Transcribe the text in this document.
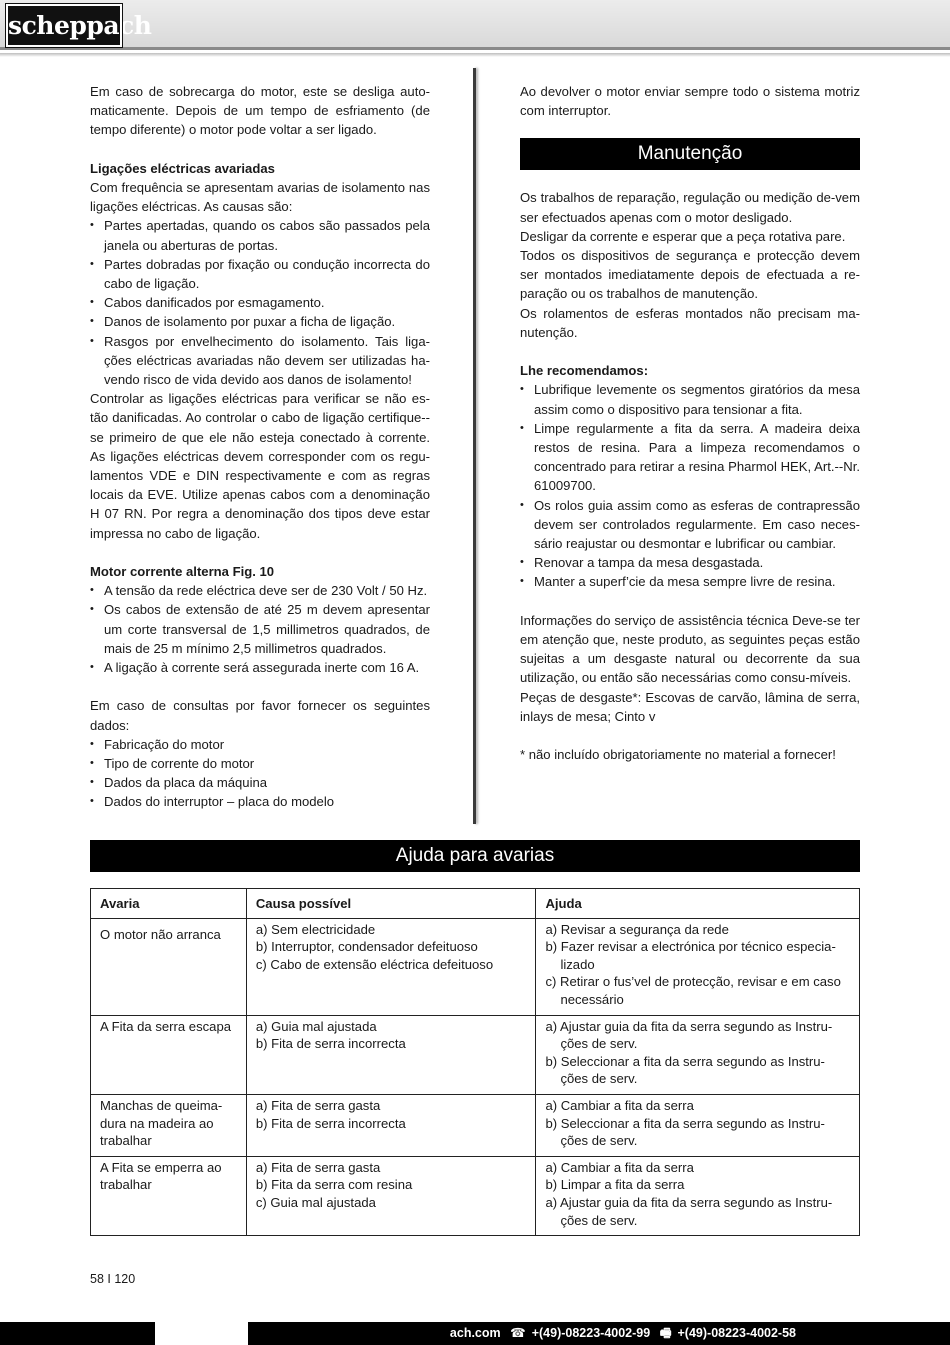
scheppach

Em caso de sobrecarga do motor, este se desliga auto-maticamente. Depois de um tempo de esfriamento (de tempo diferente) o motor pode voltar a ser ligado.

Ligações eléctricas avariadas

Com frequência se apresentam avarias de isolamento nas ligações eléctricas. As causas são:

• Partes apertadas, quando os cabos são passados pela janela ou aberturas de portas.
• Partes dobradas por fixação ou condução incorrecta do cabo de ligação.
• Cabos danificados por esmagamento.
• Danos de isolamento por puxar a ficha de ligação.
• Rasgos por envelhecimento do isolamento. Tais liga-ções eléctricas avariadas não devem ser utilizadas ha-vendo risco de vida devido aos danos de isolamento!

Controlar as ligações eléctricas para verificar se não es-tão danificadas. Ao controlar o cabo de ligação certifique--se primeiro de que ele não esteja conectado à corrente. As ligações eléctricas devem corresponder com os regu-lamentos VDE e DIN respectivamente e com as regras locais da EVE. Utilize apenas cabos com a denominação H 07 RN. Por regra a denominação dos tipos deve estar impressa no cabo de ligação.

Motor corrente alterna Fig. 10

• A tensão da rede eléctrica deve ser de 230 Volt / 50 Hz.
• Os cabos de extensão de até 25 m devem apresentar um corte transversal de 1,5 millimetros quadrados, de mais de 25 m mínimo 2,5 millimetros quadrados.
• A ligação à corrente será assegurada inerte com 16 A.

Em caso de consultas por favor fornecer os seguintes dados:

• Fabricação do motor
• Tipo de corrente do motor
• Dados da placa da máquina
• Dados do interruptor – placa do modelo

Ao devolver o motor enviar sempre todo o sistema motriz com interruptor.

Manutenção

Os trabalhos de reparação, regulação ou medição de-vem ser efectuados apenas com o motor desligado.

Desligar da corrente e esperar que a peça rotativa pare.

Todos os dispositivos de segurança e protecção devem ser montados imediatamente depois de efectuada a re-paração ou os trabalhos de manutenção.

Os rolamentos de esferas montados não precisam ma-nutenção.

Lhe recomendamos:

• Lubrifique levemente os segmentos giratórios da mesa assim como o dispositivo para tensionar a fita.
• Limpe regularmente a fita da serra. A madeira deixa restos de resina. Para a limpeza recomendamos o concentrado para retirar a resina Pharmol HEK, Art.--Nr. 61009700.
• Os rolos guia assim como as esferas de contrapressão devem ser controlados regularmente. Em caso neces-sário reajustar ou desmontar e lubrificar ou cambiar.
• Renovar a tampa da mesa desgastada.
• Manter a superf’cie da mesa sempre livre de resina.

Informações do serviço de assistência técnica Deve-se ter em atenção que, neste produto, as seguintes peças estão sujeitas a um desgaste natural ou decorrente da sua utilização, ou então são necessárias como consu-míveis.

Peças de desgaste*: Escovas de carvão, lâmina de serra, inlays de mesa; Cinto v

* não incluído obrigatoriamente no material a fornecer!

Ajuda para avarias
Avaria	Causa possível	Ajuda
O motor não arranca	a) Sem electricidade
b) Interruptor, condensador defeituoso
c) Cabo de extensão eléctrica defeituoso	a) Revisar a segurança da rede
b) Fazer revisar a electrónica por técnico especia-lizado
c) Retirar o fus’vel de protecção, revisar e em caso necessário

A Fita da serra escapa	a) Guia mal ajustada
b) Fita de serra incorrecta	a) Ajustar guia da fita da serra segundo as Instru-ções de serv.
b) Seleccionar a fita da serra segundo as Instru-ções de serv.

Manchas de queima-dura na madeira ao trabalhar	a) Fita de serra gasta
b) Fita de serra incorrecta	a) Cambiar a fita da serra
b) Seleccionar a fita da serra segundo as Instru-ções de serv.

A Fita se emperra ao trabalhar	a) Fita de serra gasta
b) Fita da serra com resina
c) Guia mal ajustada	a) Cambiar a fita da serra
b) Limpar a fita da serra
a) Ajustar guia da fita da serra segundo as Instru-ções de serv.
58 I 120
ach.com ☎ +(49)-08223-4002-99 🖷 +(49)-08223-4002-58
